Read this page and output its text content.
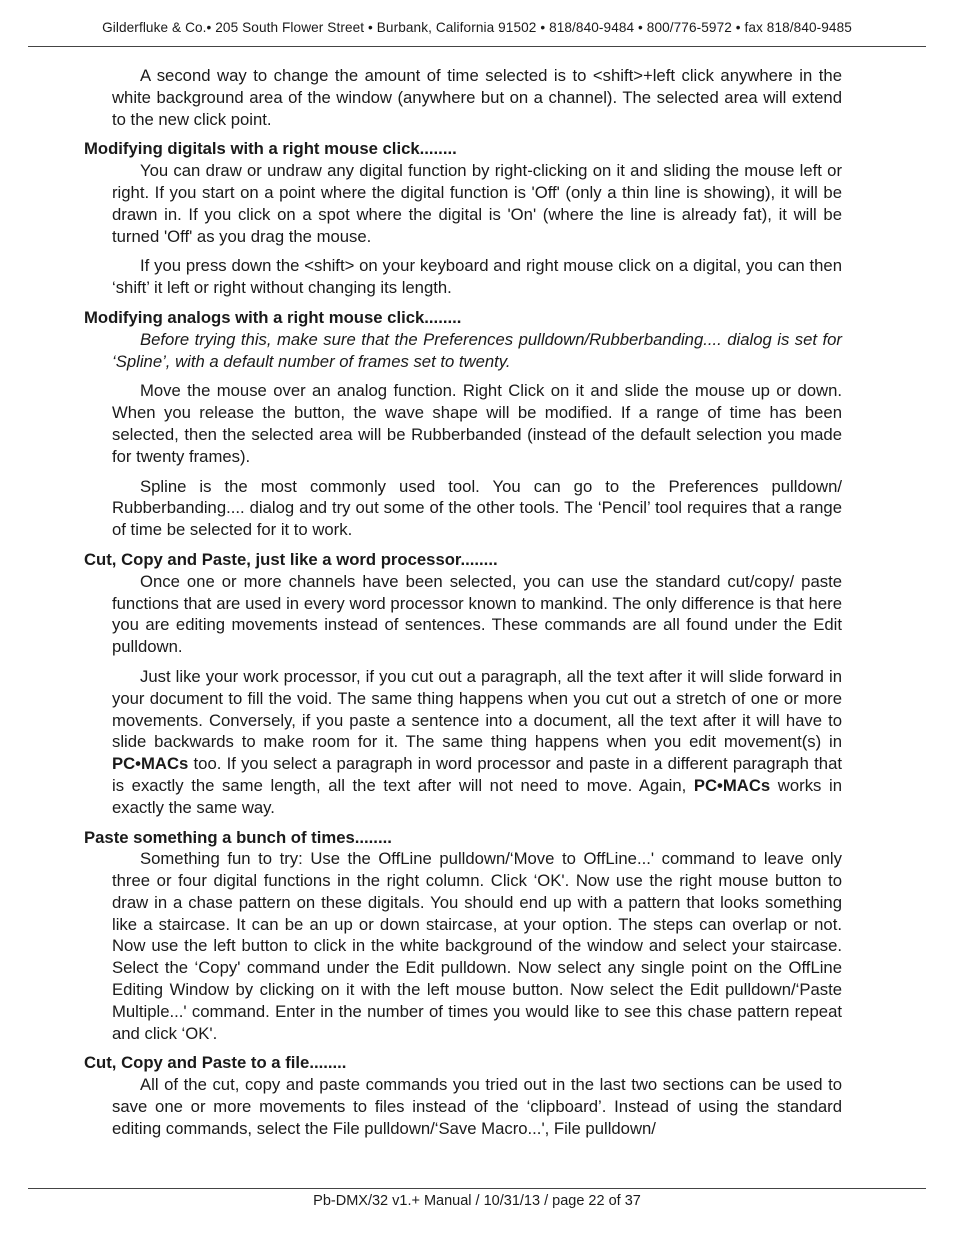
Gilderfluke & Co.• 205 South Flower Street • Burbank, California 91502 • 818/840-9484 • 800/776-5972 • fax 818/840-9485

A second way to change the amount of time selected is to <shift>+left click anywhere in the white background area of the window (anywhere but on a channel). The selected area will extend to the new click point.

Modifying digitals with a right mouse click........

You can draw or undraw any digital function by right-clicking on it and sliding the mouse left or right. If you start on a point where the digital function is 'Off' (only a thin line is showing), it will be drawn in. If you click on a spot where the digital is 'On' (where the line is already fat), it will be turned 'Off' as you drag the mouse.

If you press down the <shift> on your keyboard and right mouse click on a digital, you can then ‘shift’ it left or right without changing its length.

Modifying analogs with a right mouse click........

Before trying this, make sure that the Preferences pulldown/Rubberbanding.... dialog is set for ‘Spline’, with a default number of frames set to twenty.

Move the mouse over an analog function. Right Click on it and slide the mouse up or down. When you release the button, the wave shape will be modified. If a range of time has been selected, then the selected area will be Rubberbanded (instead of the default selection you made for twenty frames).

Spline is the most commonly used tool. You can go to the Preferences pulldown/ Rubberbanding.... dialog and try out some of the other tools. The ‘Pencil’ tool requires that a range of time be selected for it to work.

Cut, Copy and Paste, just like a word processor........

Once one or more channels have been selected, you can use the standard cut/copy/ paste functions that are used in every word processor known to mankind. The only difference is that here you are editing movements instead of sentences. These commands are all found under the Edit pulldown.

Just like your work processor, if you cut out a paragraph, all the text after it will slide forward in your document to fill the void. The same thing happens when you cut out a stretch of one or more movements. Conversely, if you paste a sentence into a document, all the text after it will have to slide backwards to make room for it. The same thing happens when you edit movement(s) in PC•MACs too. If you select a paragraph in word processor and paste in a different paragraph that is exactly the same length, all the text after will not need to move. Again, PC•MACs works in exactly the same way.

Paste something a bunch of times........

Something fun to try: Use the OffLine pulldown/‘Move to OffLine...' command to leave only three or four digital functions in the right column. Click ‘OK'. Now use the right mouse button to draw in a chase pattern on these digitals. You should end up with a pattern that looks something like a staircase. It can be an up or down staircase, at your option. The steps can overlap or not. Now use the left button to click in the white background of the window and select your staircase. Select the ‘Copy' command under the Edit pulldown. Now select any single point on the OffLine Editing Window by clicking on it with the left mouse button. Now select the Edit pulldown/‘Paste Multiple...' command. Enter in the number of times you would like to see this chase pattern repeat and click ‘OK'.

Cut, Copy and Paste to a file........

All of the cut, copy and paste commands you tried out in the last two sections can be used to save one or more movements to files instead of the ‘clipboard’. Instead of using the standard editing commands, select the File pulldown/‘Save Macro...', File pulldown/

Pb-DMX/32 v1.+ Manual / 10/31/13 / page 22 of 37
